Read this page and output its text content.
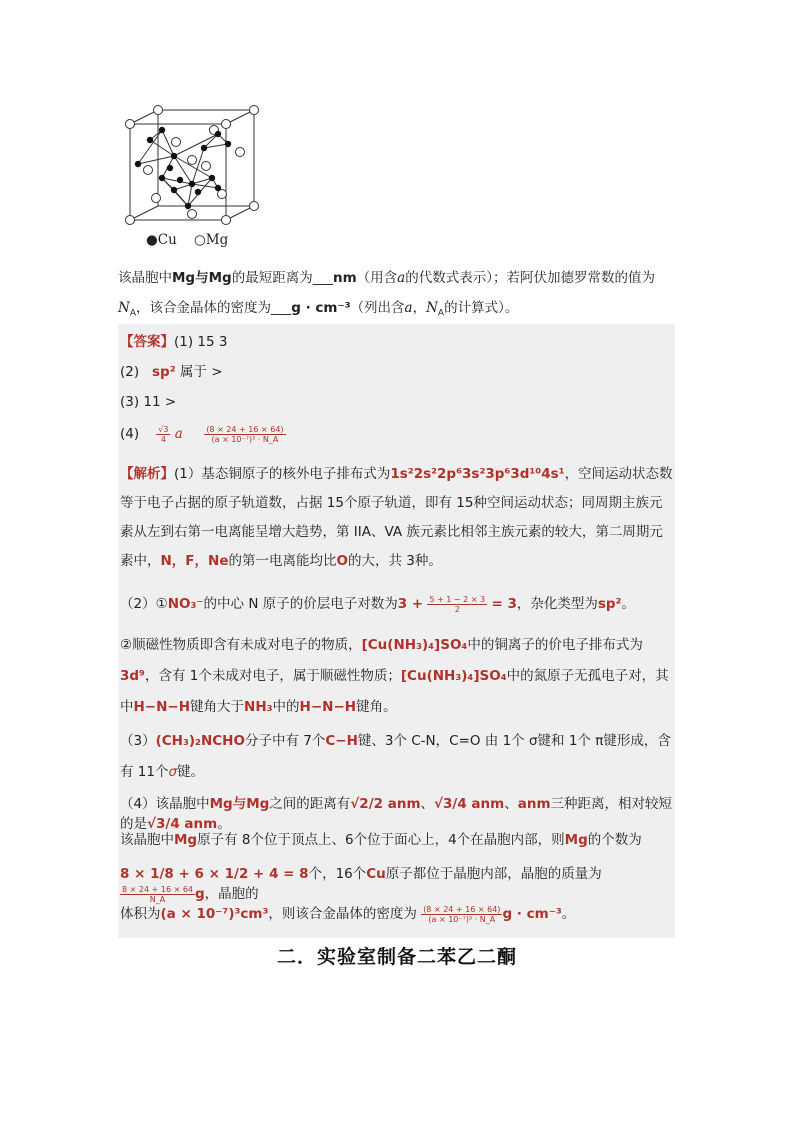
●Cu ○Mg
该晶胞中Mg与Mg的最短距离为___nm（用含a的代数式表示）；若阿伏加德罗常数的值为
$N_A$，该合金晶体的密度为___g · cm⁻³（列出含a，$N_A$的计算式）。
【答案】(1) 15 3
(2) sp² 属于 >
(3) 11 >
$(4) \frac{√3}{4}$ a	$\frac{(8 \times 24 + 16 \times 64)}{\text{(a × 10⁻⁷)³ · N\_A}}$
【解析】(1）基态铜原子的核外电子排布式为1s²2s²2p⁶3s²3p⁶3d¹⁰4s¹，空间运动状态数等于电子占据的原子轨道数，占据 15个原子轨道，即有 15种空间运动状态；同周期主族元素从左到右第一电离能呈增大趋势，第 IIA、VA 族元素比相邻主族元素的较大，第二周期元素中，N，F，Ne的第一电离能均比O的大，共 3种。
（2）①NO₃⁻的中心 N 原子的价层电子对数为$3 + \frac{5 + 1 - 2 \times 3}{2} = 3$，杂化类型为sp²。
②顺磁性物质即含有未成对电子的物质，[Cu(NH₃)₄]SO₄中的铜离子的价电子排布式为3d⁹，含有 1个未成对电子，属于顺磁性物质；[Cu(NH₃)₄]SO₄中的氮原子无孤电子对，其中H−N−H键角大于NH₃中的H−N−H键角。
（3）(CH₃)₂NCHO分子中有 7个C−H键、3个 C-N，C=O 由 1个 σ键和 1个 π键形成，含有 11个σ键。
（4）该晶胞中Mg与Mg之间的距离有√2/2 anm、√3/4 anm、anm三种距离，相对较短的是√3/4 anm。
该晶胞中Mg原子有 8个位于顶点上、6个位于面心上，4个在晶胞内部，则Mg的个数为
8 × 1/8 + 6 × 1/2 + 4 = 8个，16个Cu原子都位于晶胞内部，晶胞的质量为
$\frac{8 \times 24 + 16 \times 64}{N\_A}$ g，晶胞的
体积为(a × 10⁻⁷)³cm³，则该合金晶体的密度为 $\frac{(8 \times 24 + 16 \times 64)}{\text{(a × 10⁻⁷)³ · N\_A}}$ g · cm⁻³。
二．实验室制备二苯乙二酮
